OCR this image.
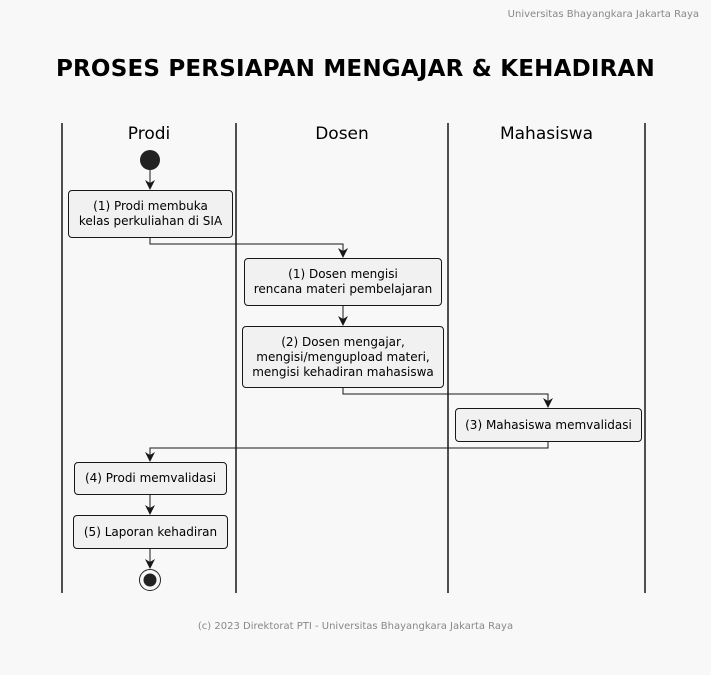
Universitas Bhayangkara Jakarta Raya
PROSES PERSIAPAN MENGAJAR & KEHADIRAN
Prodi	Dosen	Mahasiswa
(1) Prodi membuka
kelas perkuliahan di SIA
(1) Dosen mengisi
rencana materi pembelajaran
(2) Dosen mengajar,
mengisi/mengupload materi,
mengisi kehadiran mahasiswa
(3) Mahasiswa memvalidasi
(4) Prodi memvalidasi
(5) Laporan kehadiran
(c) 2023 Direktorat PTI - Universitas Bhayangkara Jakarta Raya
